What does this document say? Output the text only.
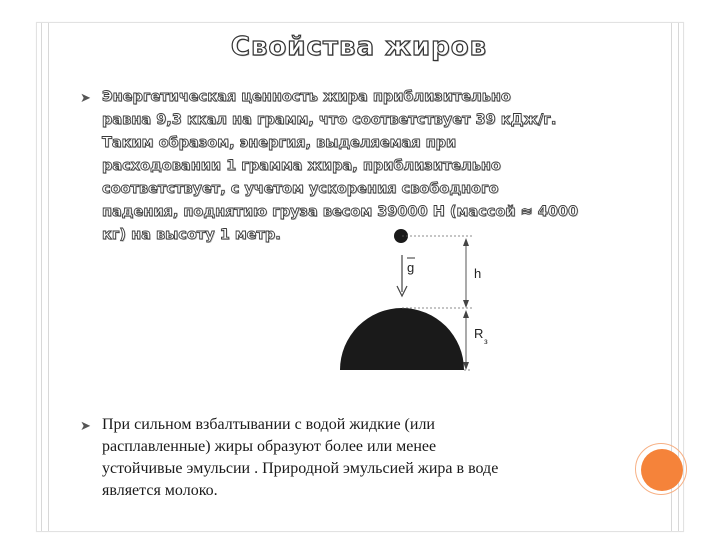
Свойства жиров
➤ Энергетическая ценность жира приблизительно
равна 9,3 ккал на грамм, что соответствует 39 кДж/г.
Таким образом, энергия, выделяемая при
расходовании 1 грамма жира, приблизительно
соответствует, с учетом ускорения свободного
падения, поднятию груза весом 39000 Н (массой ≈ 4000
кг) на высоту 1 метр.
g	h
R
з
➤ При сильном взбалтывании с водой жидкие (или
расплавленные) жиры образуют более или менее
устойчивые эмульсии . Природной эмульсией жира в воде
является молоко.
